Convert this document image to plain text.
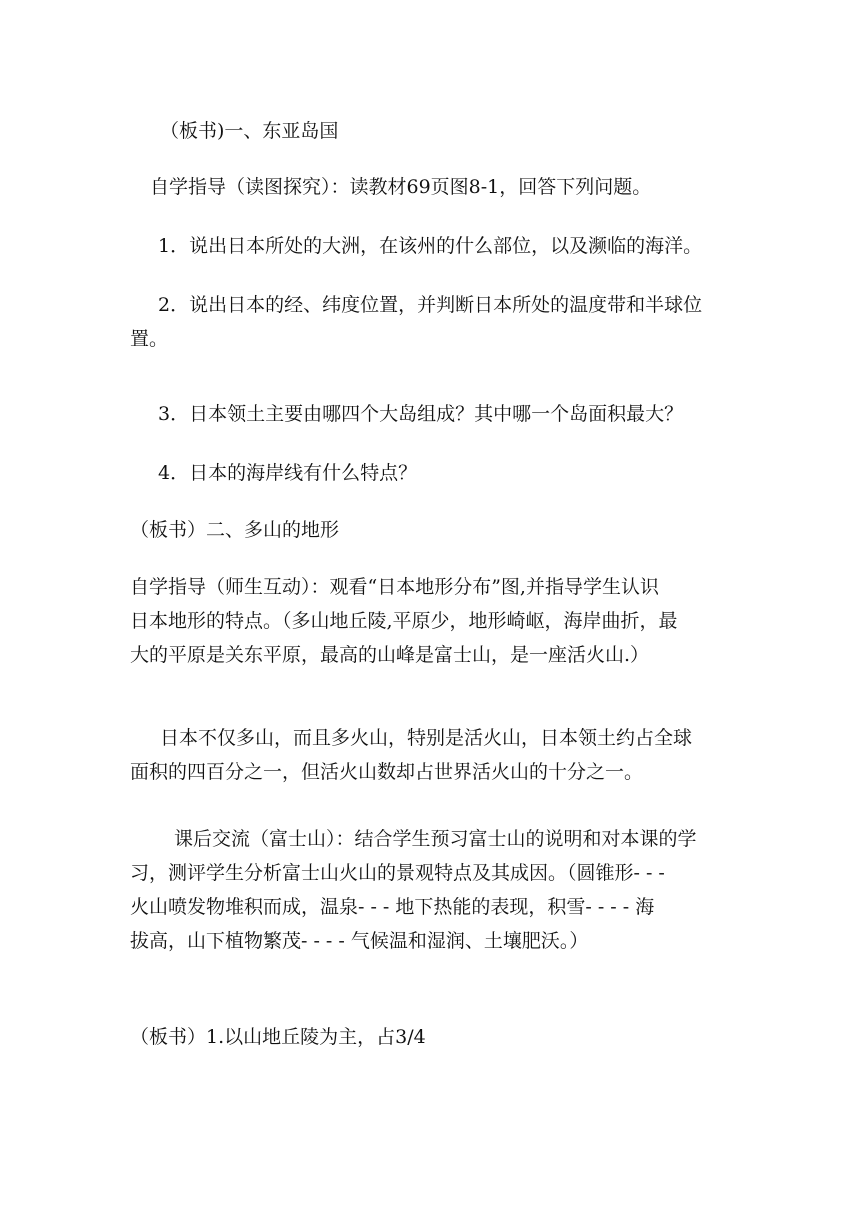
（板书)一、东亚岛国

自学指导（读图探究）：读教材69页图8-1，回答下列问题。

1．说出日本所处的大洲，在该州的什么部位，以及濒临的海洋。

2．说出日本的经、纬度位置，并判断日本所处的温度带和半球位
置。

3．日本领土主要由哪四个大岛组成？其中哪一个岛面积最大？

4．日本的海岸线有什么特点？

（板书）二、多山的地形

自学指导（师生互动）：观看“日本地形分布”图,并指导学生认识
日本地形的特点。（多山地丘陵,平原少，地形崎岖，海岸曲折，最
大的平原是关东平原，最高的山峰是富士山，是一座活火山.）

日本不仅多山，而且多火山，特别是活火山，日本领土约占全球
面积的四百分之一，但活火山数却占世界活火山的十分之一。

课后交流（富士山）：结合学生预习富士山的说明和对本课的学
习，测评学生分析富士山火山的景观特点及其成因。（圆锥形- - -
火山喷发物堆积而成，温泉- - - 地下热能的表现，积雪- - - - 海
拔高，山下植物繁茂- - - - 气候温和湿润、土壤肥沃。）

（板书）1.以山地丘陵为主，占3/4
